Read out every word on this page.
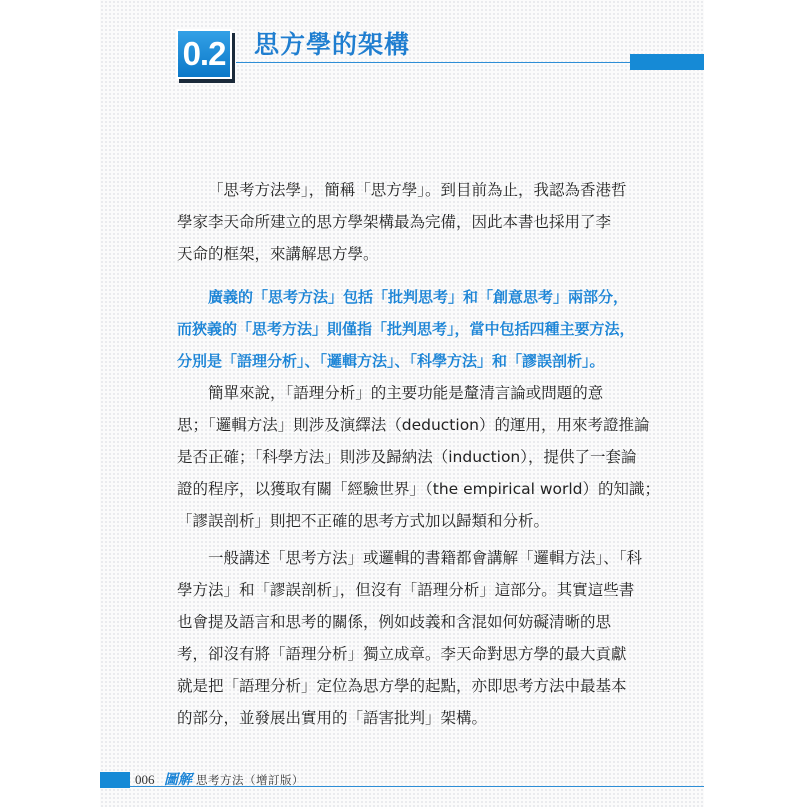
0.2 思方學的架構
「思考方法學」，簡稱「思方學」。到目前為止，我認為香港哲
學家李天命所建立的思方學架構最為完備，因此本書也採用了李
天命的框架，來講解思方學。
廣義的「思考方法」包括「批判思考」和「創意思考」兩部分，
而狹義的「思考方法」則僅指「批判思考」，當中包括四種主要方法，
分別是「語理分析」、「邏輯方法」、「科學方法」和「謬誤剖析」。
簡單來說，「語理分析」的主要功能是釐清言論或問題的意
思；「邏輯方法」則涉及演繹法（deduction）的運用，用來考證推論
是否正確；「科學方法」則涉及歸納法（induction），提供了一套論
證的程序，以獲取有關「經驗世界」（the empirical world）的知識；
「謬誤剖析」則把不正確的思考方式加以歸類和分析。
一般講述「思考方法」或邏輯的書籍都會講解「邏輯方法」、「科
學方法」和「謬誤剖析」，但沒有「語理分析」這部分。其實這些書
也會提及語言和思考的關係，例如歧義和含混如何妨礙清晰的思
考，卻沒有將「語理分析」獨立成章。李天命對思方學的最大貢獻
就是把「語理分析」定位為思方學的起點，亦即思考方法中最基本
的部分，並發展出實用的「語害批判」架構。
006 圖解 思考方法（增訂版）
